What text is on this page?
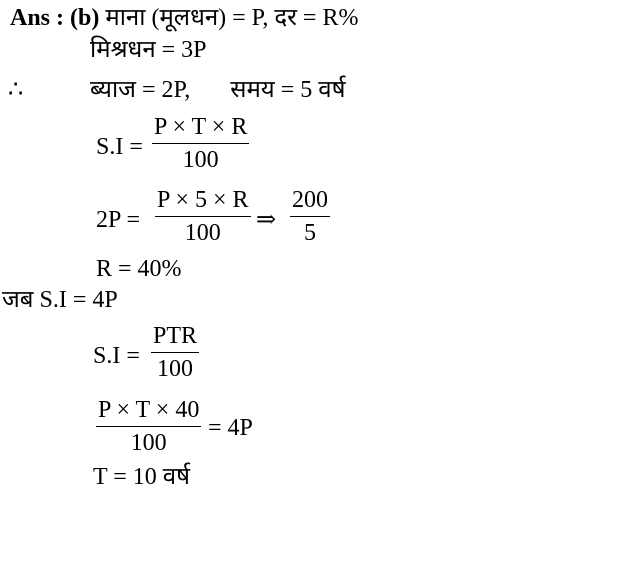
Ans : (b) माना (मूलधन) = P, दर = R%
मिश्रधन = 3P
∴	ब्याज = 2P, समय = 5 वर्ष
S.I =
P × T × R
100
2P =
P × 5 × R
100 ⇒
200
5
R = 40%
जब S.I = 4P
S.I =
PTR
100
P × T × 40
100
= 4P
T = 10 वर्ष
